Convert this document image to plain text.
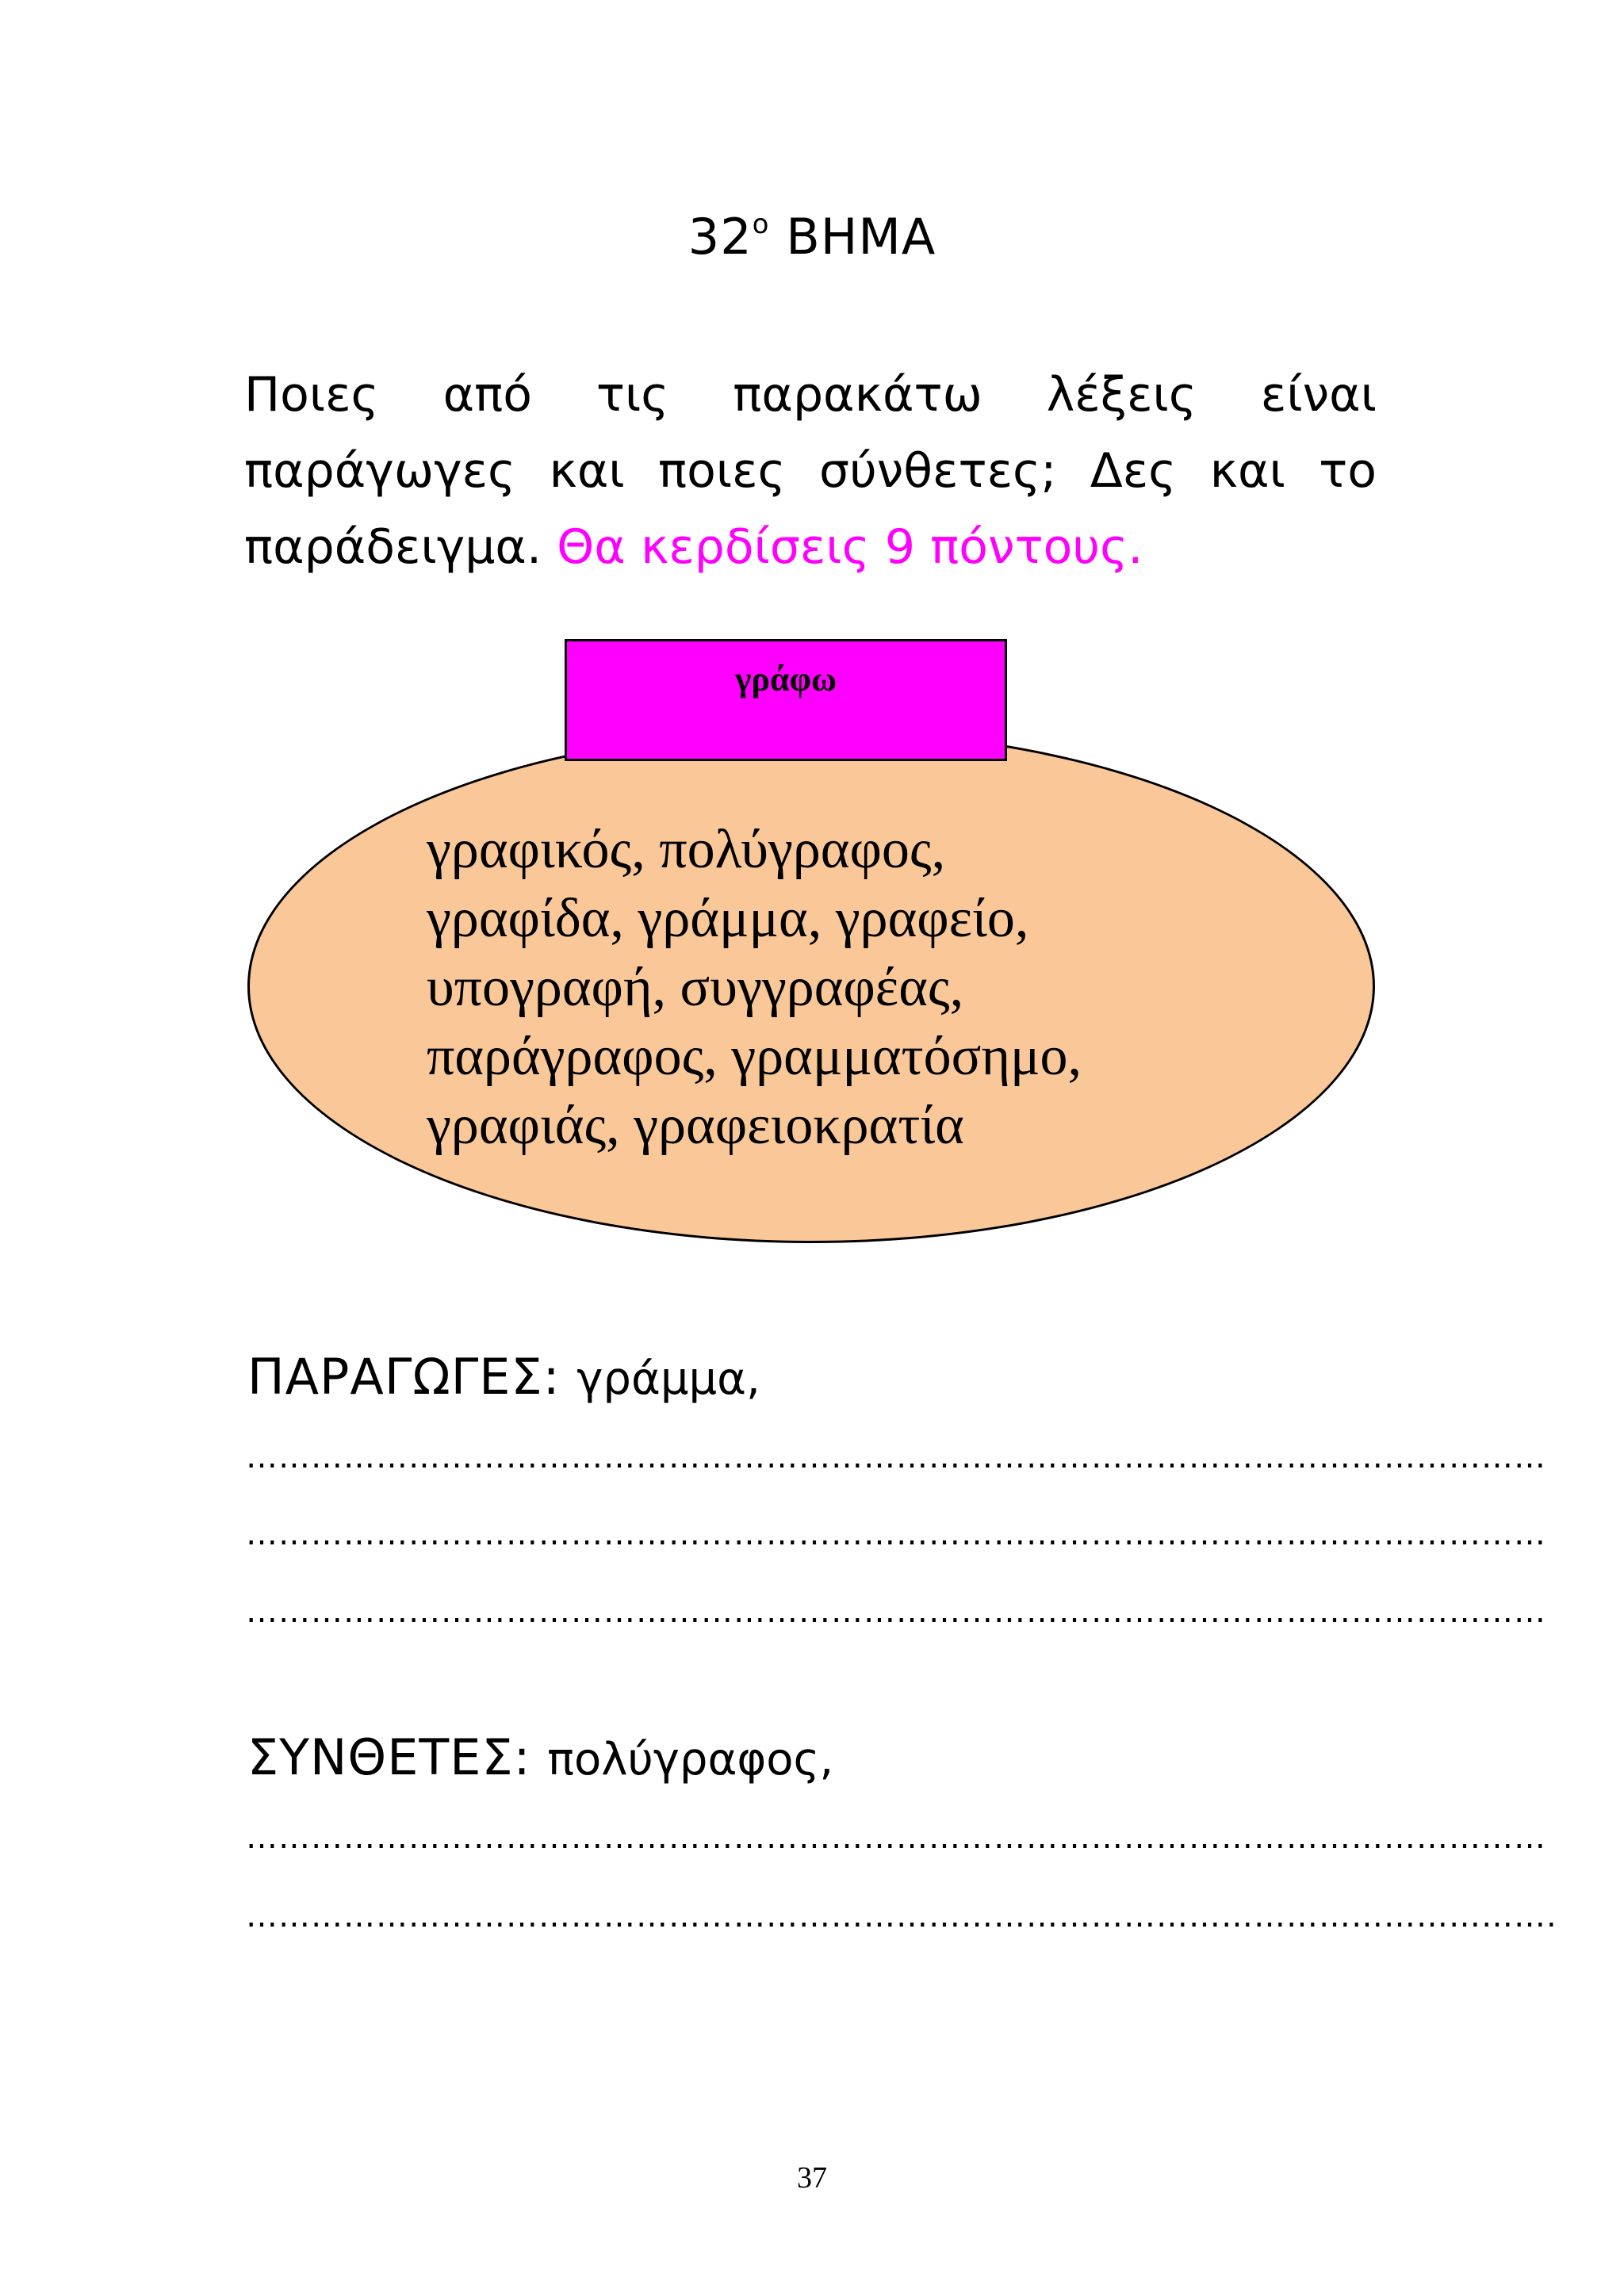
$32^o$ ΒΗΜΑ
Ποιες από τις παρακάτω λέξεις είναι παράγωγες και ποιες σύνθετες; Δες και το παράδειγμα. Θα κερδίσεις 9 πόντους.
γράφω
γραφικός, πολύγραφος,
γραφίδα, γράμμα, γραφείο,
υπογραφή, συγγραφέας,
παράγραφος, γραμματόσημο,
γραφιάς, γραφειοκρατία
ΠΑΡΑΓΩΓΕΣ: γράμμα,
…………………………………………………………………………………………………………
…………………………………………………………………………………………………………
…………………………………………………………………………………………………………
ΣΥΝΘΕΤΕΣ: πολύγραφος,
…………………………………………………………………………………………………………
………………………………………………………………………………………………………….
37
